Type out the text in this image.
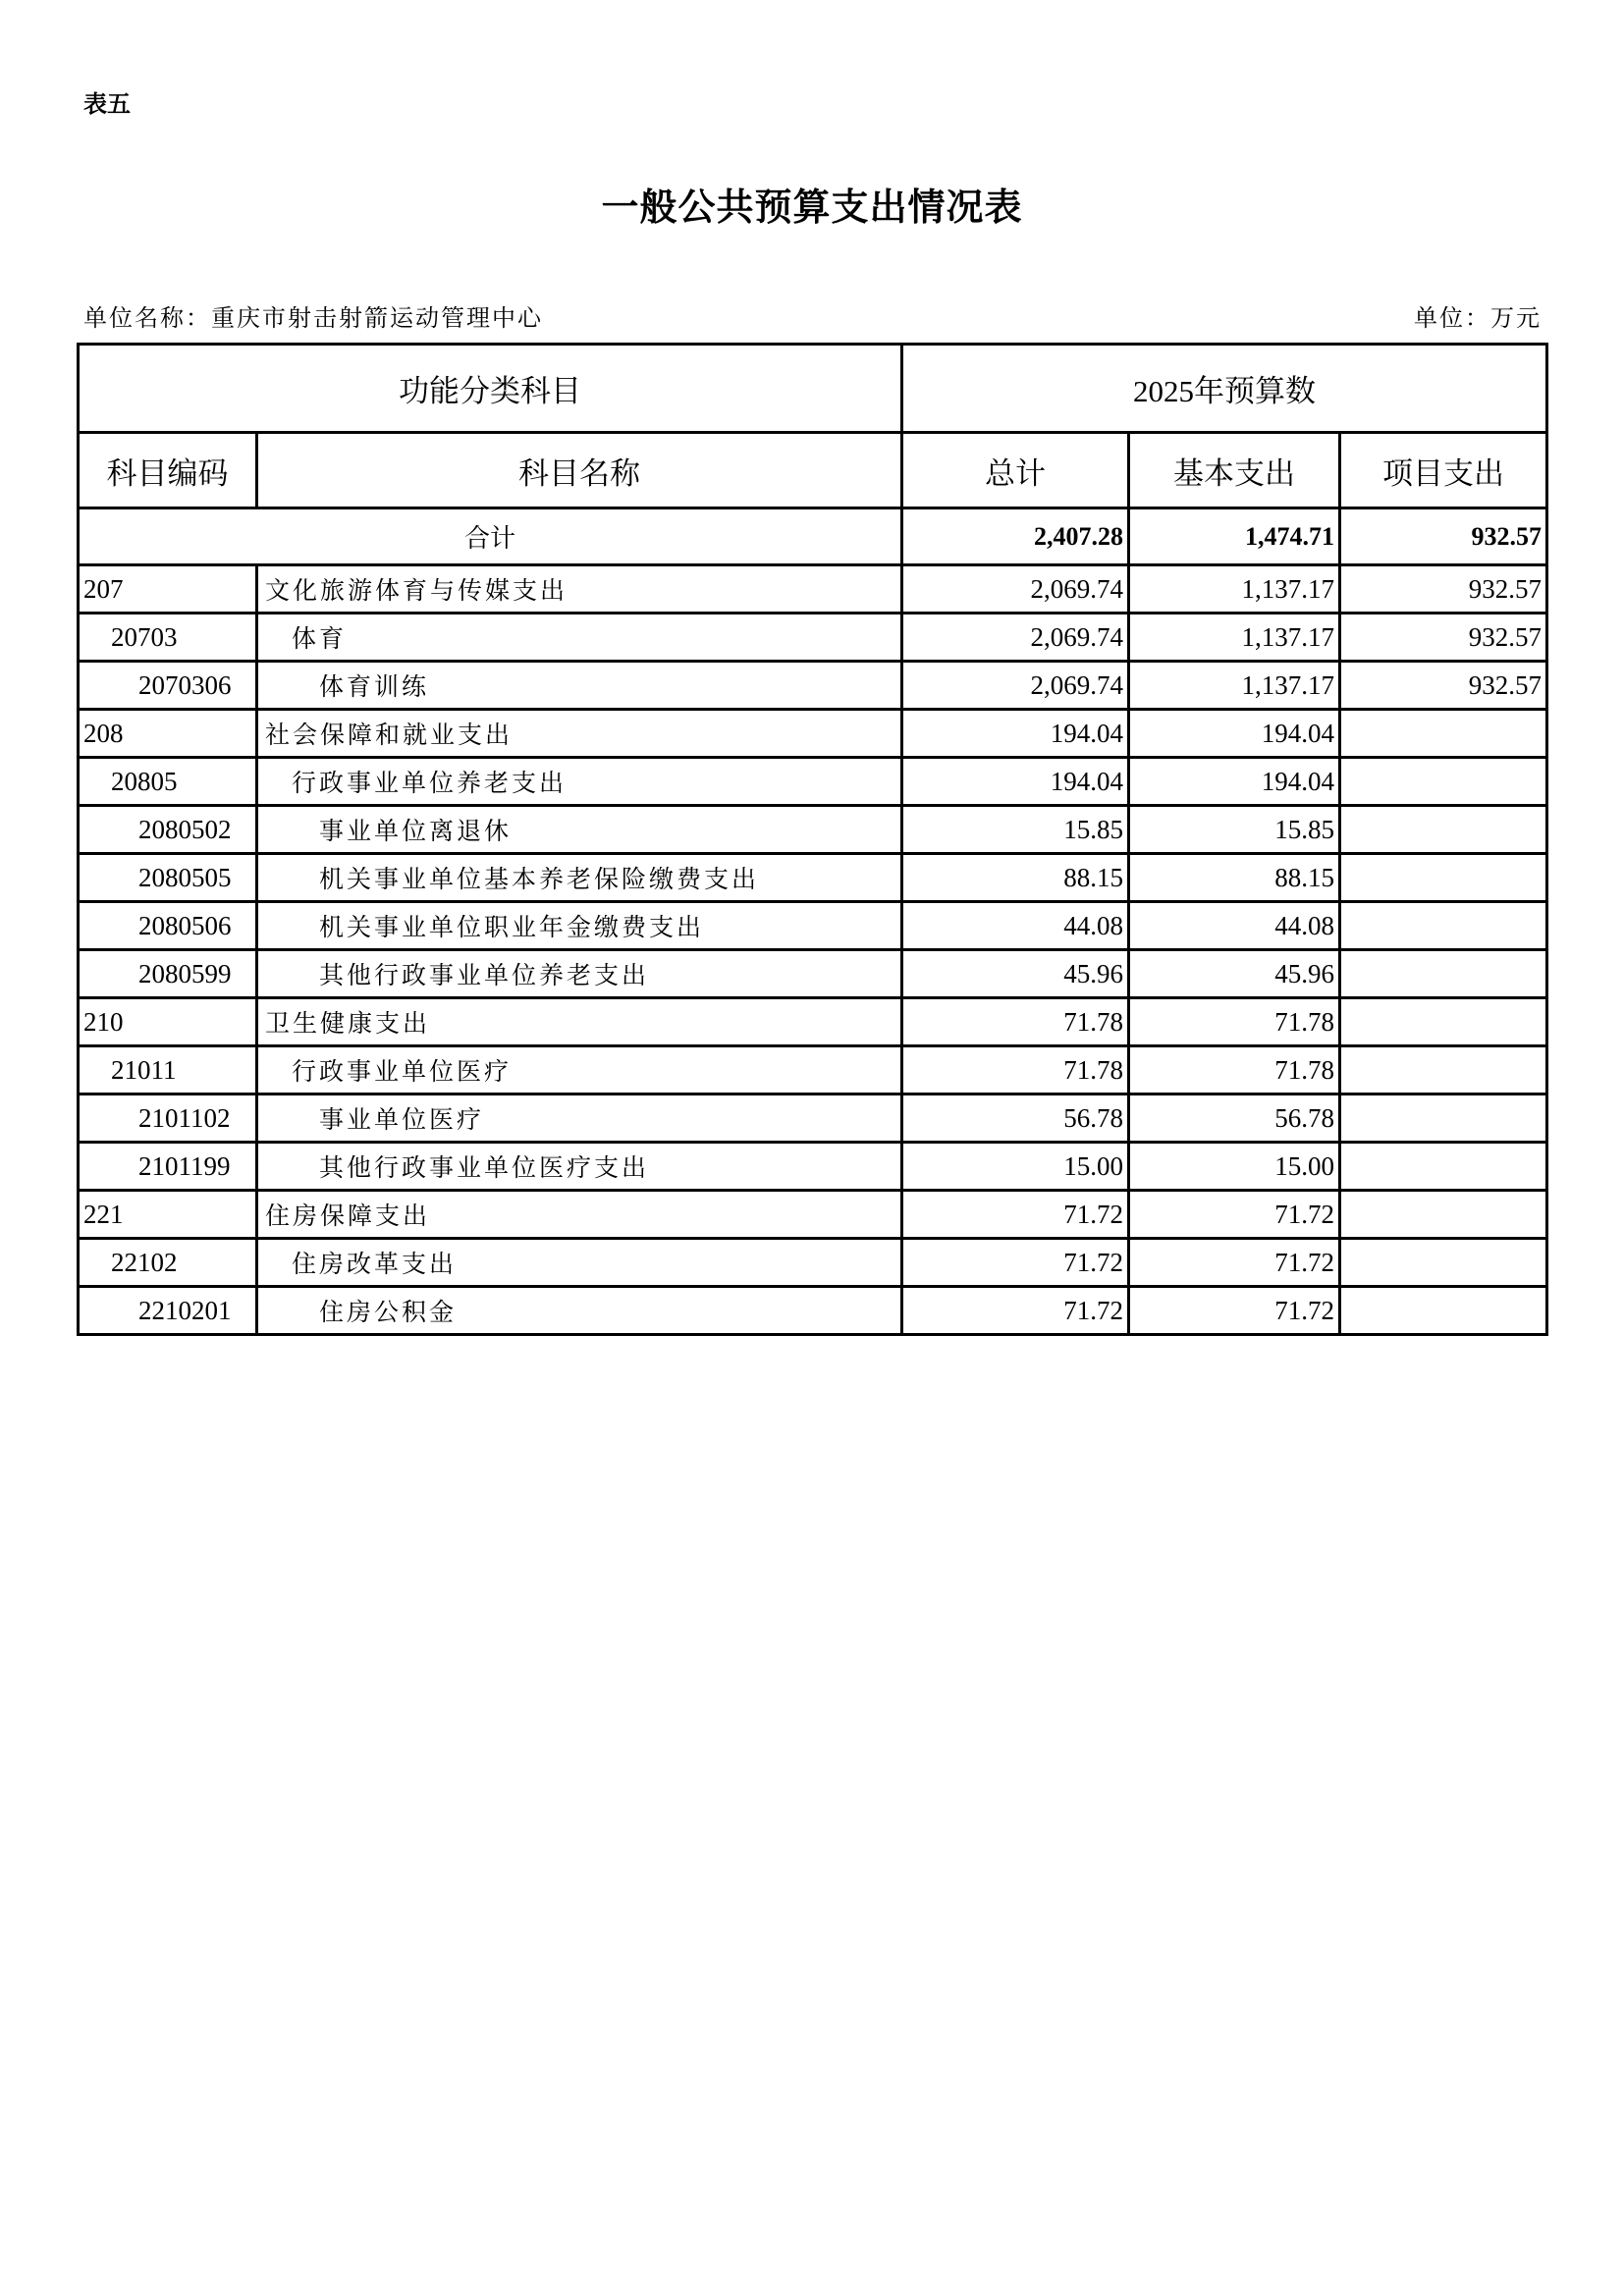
表五
一般公共预算支出情况表
单位名称：重庆市射击射箭运动管理中心	单位：万元
功能分类科目		2025年预算数		
科目编码	科目名称	总计	基本支出	项目支出
合计		2,407.28	1,474.71	932.57
207	文化旅游体育与传媒支出	2,069.74	1,137.17	932.57
20703	体育	2,069.74	1,137.17	932.57
2070306	体育训练	2,069.74	1,137.17	932.57
208	社会保障和就业支出	194.04	194.04	
20805	行政事业单位养老支出	194.04	194.04	
2080502	事业单位离退休	15.85	15.85	
2080505	机关事业单位基本养老保险缴费支出	88.15	88.15	
2080506	机关事业单位职业年金缴费支出	44.08	44.08	
2080599	其他行政事业单位养老支出	45.96	45.96	
210	卫生健康支出	71.78	71.78	
21011	行政事业单位医疗	71.78	71.78	
2101102	事业单位医疗	56.78	56.78	
2101199	其他行政事业单位医疗支出	15.00	15.00	
221	住房保障支出	71.72	71.72	
22102	住房改革支出	71.72	71.72	
2210201	住房公积金	71.72	71.72	
